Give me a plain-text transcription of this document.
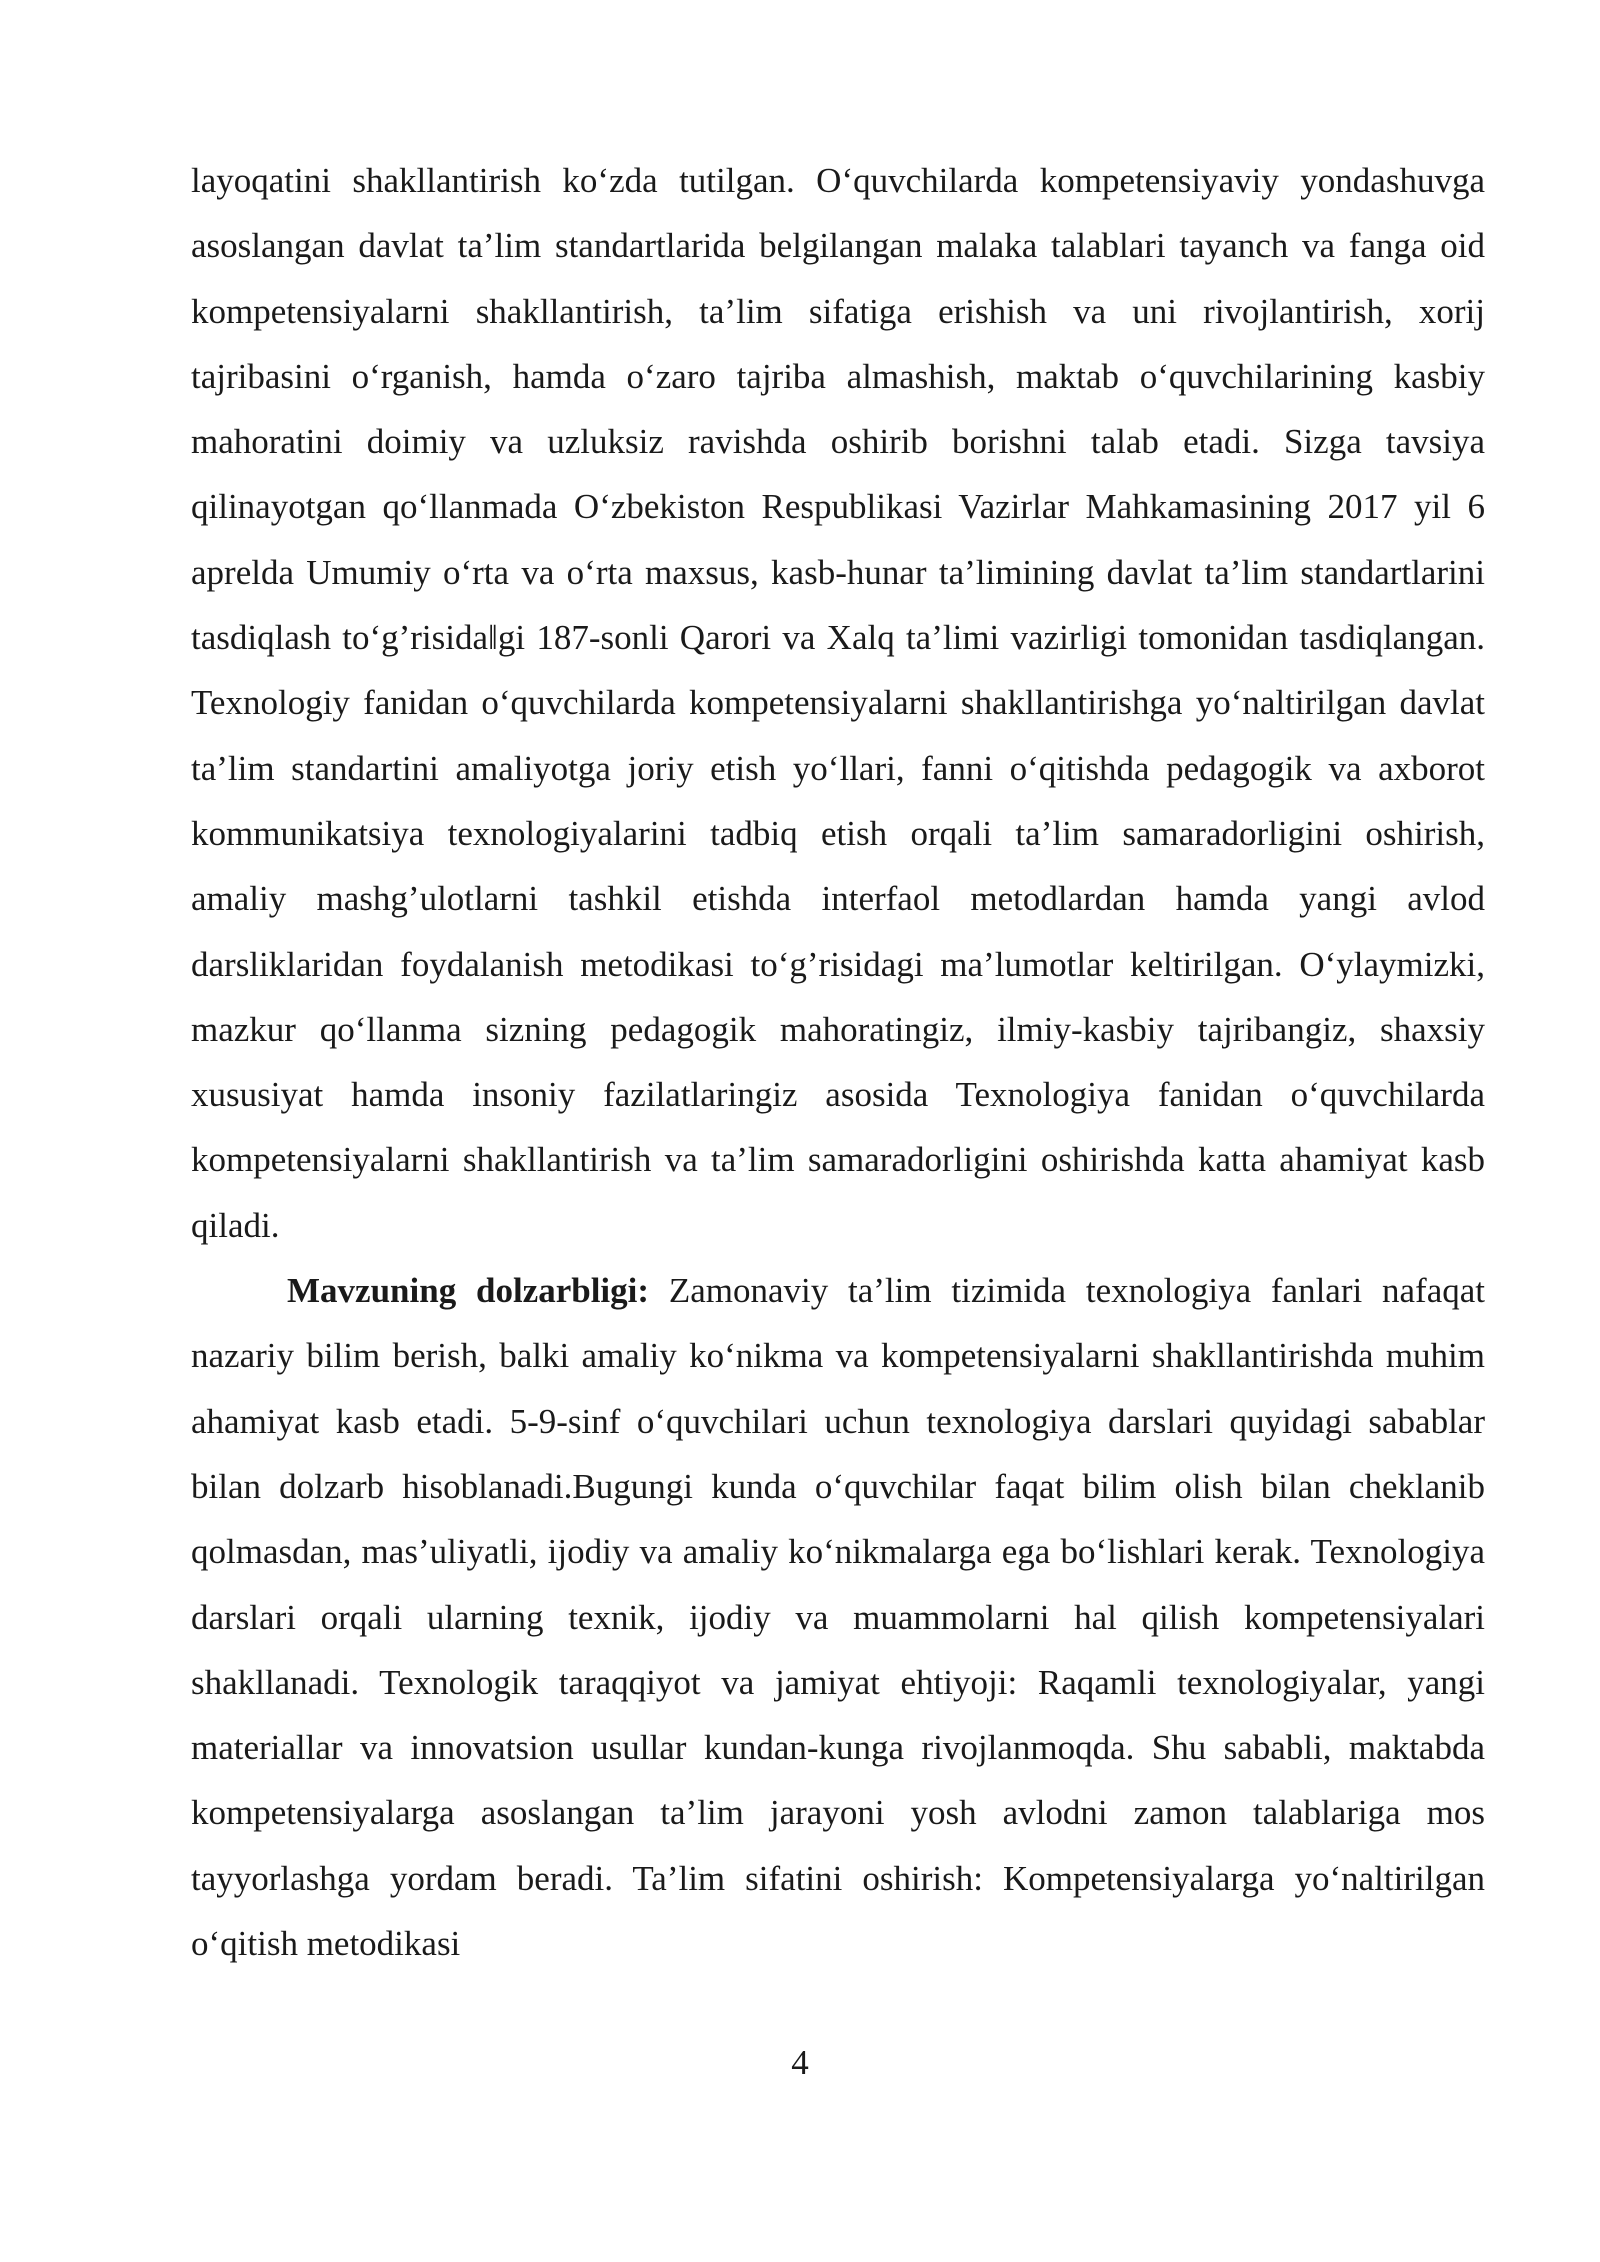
layoqatini shakllantirish ko‘zda tutilgan. O‘quvchilarda kompetensiyaviy yondashuvga asoslangan davlat ta’lim standartlarida belgilangan malaka talablari tayanch va fanga oid kompetensiyalarni shakllantirish, ta’lim sifatiga erishish va uni rivojlantirish, xorij tajribasini o‘rganish, hamda o‘zaro tajriba almashish, maktab o‘quvchilarining kasbiy mahoratini doimiy va uzluksiz ravishda oshirib borishni talab etadi. Sizga tavsiya qilinayotgan qo‘llanmada O‘zbekiston Respublikasi Vazirlar Mahkamasining 2017 yil 6 aprelda Umumiy o‘rta va o‘rta maxsus, kasb-hunar ta’limining davlat ta’lim standartlarini tasdiqlash to‘g’risida‖gi 187-sonli Qarori va Xalq ta’limi vazirligi tomonidan tasdiqlangan. Texnologiy fanidan o‘quvchilarda kompetensiyalarni shakllantirishga yo‘naltirilgan davlat ta’lim standartini amaliyotga joriy etish yo‘llari, fanni o‘qitishda pedagogik va axborot kommunikatsiya texnologiyalarini tadbiq etish orqali ta’lim samaradorligini oshirish, amaliy mashg’ulotlarni tashkil etishda interfaol metodlardan hamda yangi avlod darsliklaridan foydalanish metodikasi to‘g’risidagi ma’lumotlar keltirilgan. O‘ylaymizki, mazkur qo‘llanma sizning pedagogik mahoratingiz, ilmiy-kasbiy tajribangiz, shaxsiy xususiyat hamda insoniy fazilatlaringiz asosida Texnologiya fanidan o‘quvchilarda kompetensiyalarni shakllantirish va ta’lim samaradorligini oshirishda katta ahamiyat kasb qiladi.

Mavzuning dolzarbligi: Zamonaviy ta’lim tizimida texnologiya fanlari nafaqat nazariy bilim berish, balki amaliy ko‘nikma va kompetensiyalarni shakllantirishda muhim ahamiyat kasb etadi. 5-9-sinf o‘quvchilari uchun texnologiya darslari quyidagi sabablar bilan dolzarb hisoblanadi.Bugungi kunda o‘quvchilar faqat bilim olish bilan cheklanib qolmasdan, mas’uliyatli, ijodiy va amaliy ko‘nikmalarga ega bo‘lishlari kerak. Texnologiya darslari orqali ularning texnik, ijodiy va muammolarni hal qilish kompetensiyalari shakllanadi. Texnologik taraqqiyot va jamiyat ehtiyoji: Raqamli texnologiyalar, yangi materiallar va innovatsion usullar kundan-kunga rivojlanmoqda. Shu sababli, maktabda kompetensiyalarga asoslangan ta’lim jarayoni yosh avlodni zamon talablariga mos tayyorlashga yordam beradi. Ta’lim sifatini oshirish: Kompetensiyalarga yo‘naltirilgan o‘qitish metodikasi

4
